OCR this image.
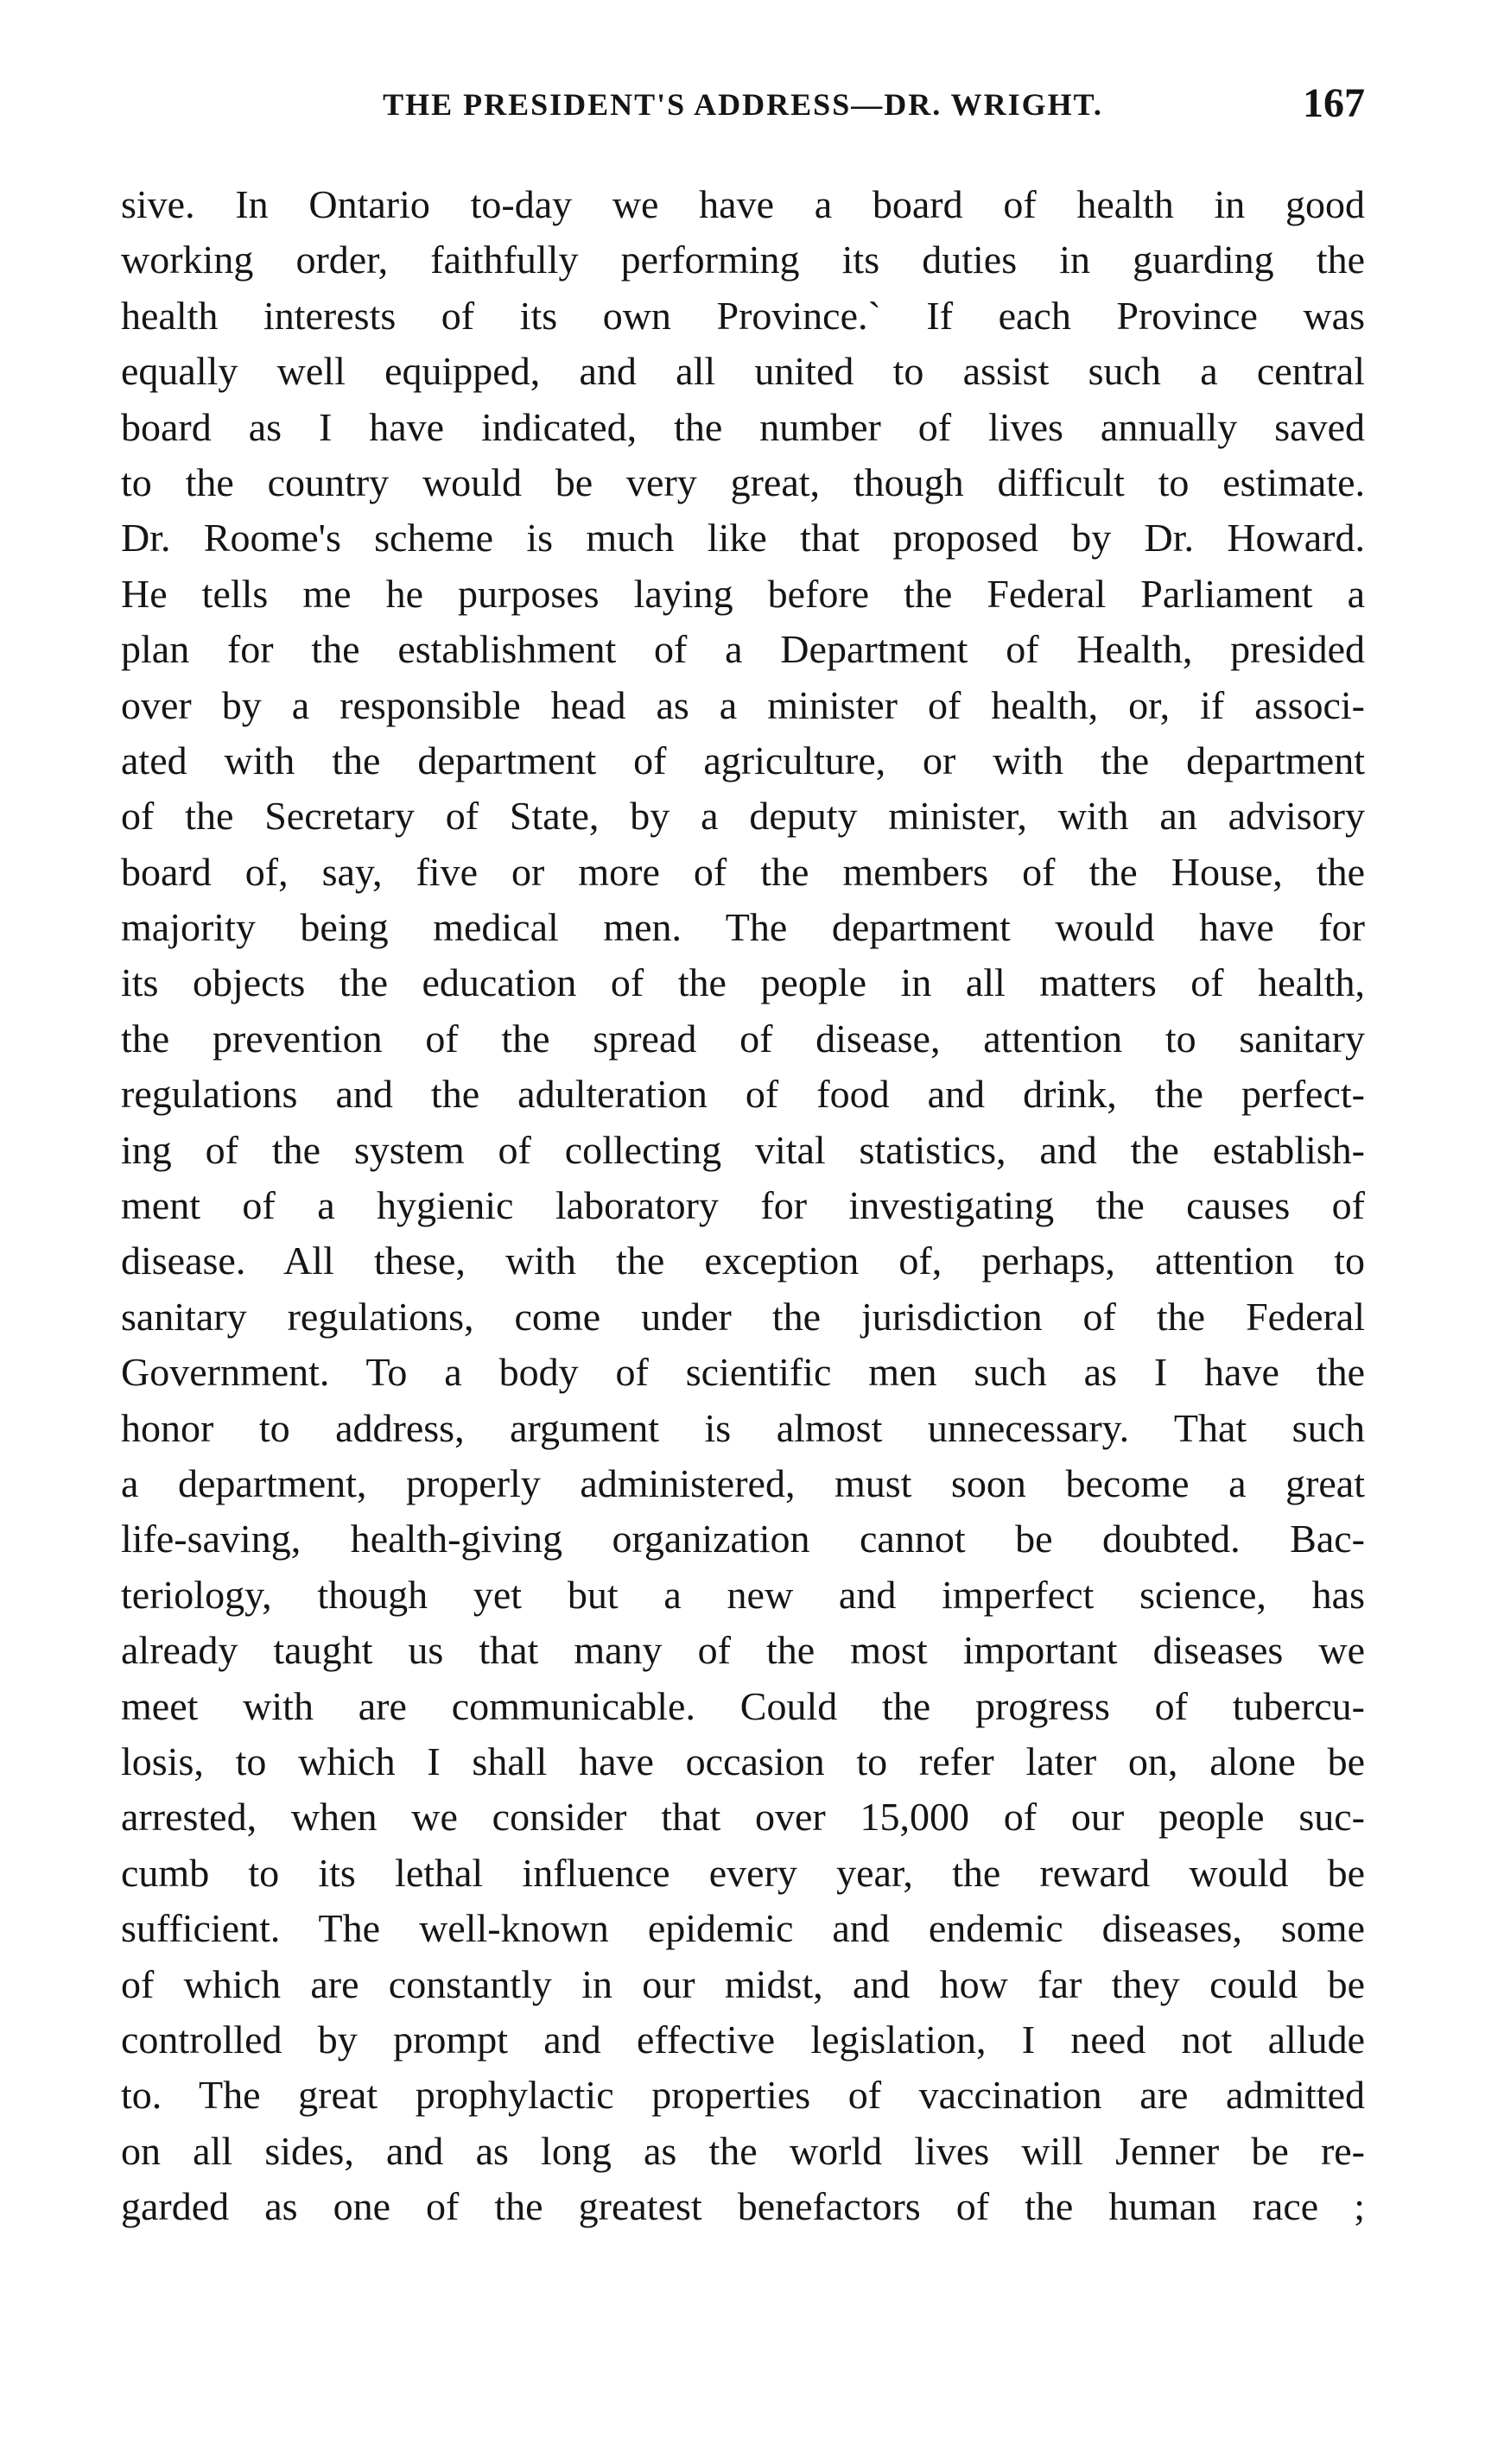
THE PRESIDENT'S ADDRESS—DR. WRIGHT.	167
sive. In Ontario to-day we have a board of health in good
working order, faithfully performing its duties in guarding the
health interests of its own Province.` If each Province was
equally well equipped, and all united to assist such a central
board as I have indicated, the number of lives annually saved
to the country would be very great, though difficult to estimate.
Dr. Roome's scheme is much like that proposed by Dr. Howard.
He tells me he purposes laying before the Federal Parliament a
plan for the establishment of a Department of Health, presided
over by a responsible head as a minister of health, or, if associ-
ated with the department of agriculture, or with the department
of the Secretary of State, by a deputy minister, with an advisory
board of, say, five or more of the members of the House, the
majority being medical men. The department would have for
its objects the education of the people in all matters of health,
the prevention of the spread of disease, attention to sanitary
regulations and the adulteration of food and drink, the perfect-
ing of the system of collecting vital statistics, and the establish-
ment of a hygienic laboratory for investigating the causes of
disease. All these, with the exception of, perhaps, attention to
sanitary regulations, come under the jurisdiction of the Federal
Government. To a body of scientific men such as I have the
honor to address, argument is almost unnecessary. That such
a department, properly administered, must soon become a great
life-saving, health-giving organization cannot be doubted. Bac-
teriology, though yet but a new and imperfect science, has
already taught us that many of the most important diseases we
meet with are communicable. Could the progress of tubercu-
losis, to which I shall have occasion to refer later on, alone be
arrested, when we consider that over 15,000 of our people suc-
cumb to its lethal influence every year, the reward would be
sufficient. The well-known epidemic and endemic diseases, some
of which are constantly in our midst, and how far they could be
controlled by prompt and effective legislation, I need not allude
to. The great prophylactic properties of vaccination are admitted
on all sides, and as long as the world lives will Jenner be re-
garded as one of the greatest benefactors of the human race ;
